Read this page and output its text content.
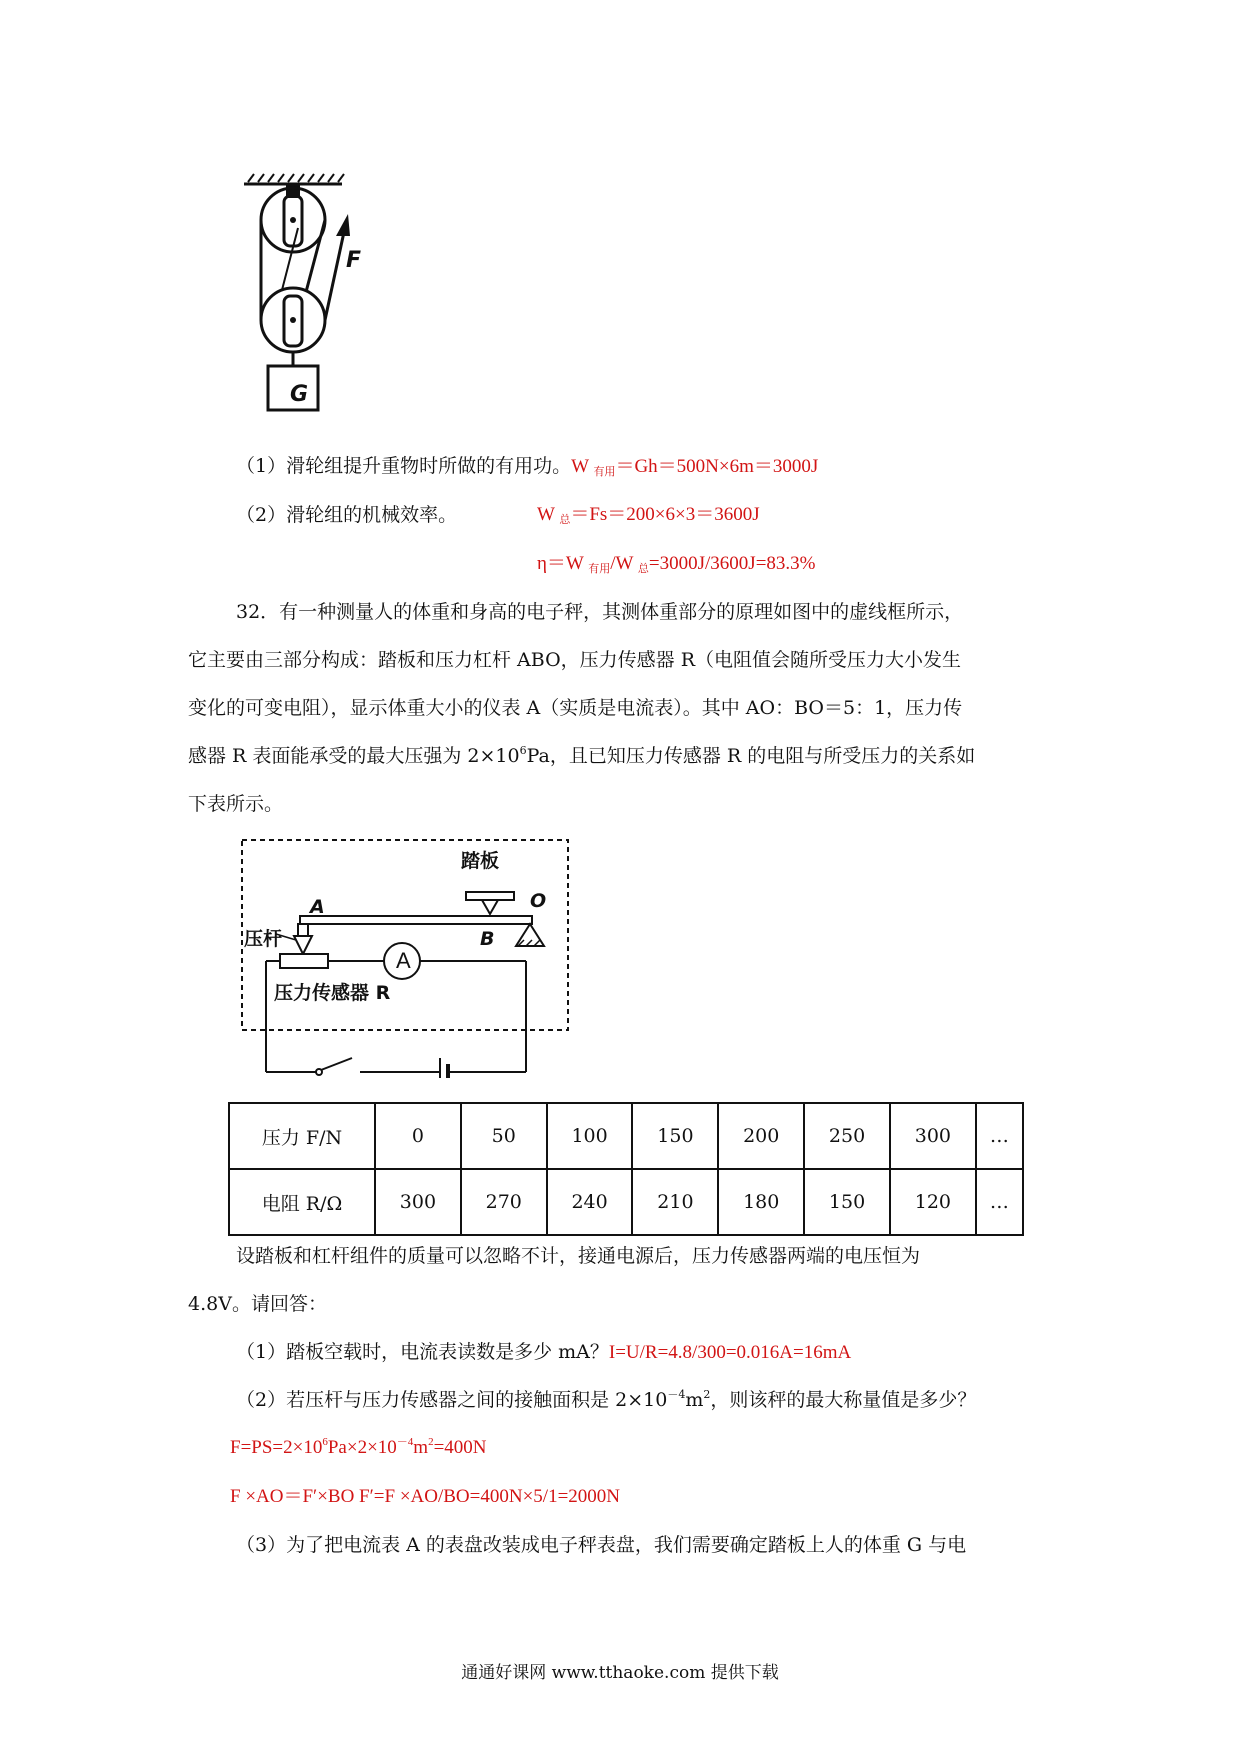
F
G
（1）滑轮组提升重物时所做的有用功。W 有用＝Gh＝500N×6m＝3000J
（2）滑轮组的机械效率。	W 总＝Fs＝200×6×3＝3600J
η＝W 有用/W 总=3000J/3600J=83.3%
32．有一种测量人的体重和身高的电子秤，其测体重部分的原理如图中的虚线框所示，
它主要由三部分构成：踏板和压力杠杆 ABO，压力传感器 R（电阻值会随所受压力大小发生
变化的可变电阻），显示体重大小的仪表 A（实质是电流表）。其中 AO：BO＝5：1，压力传
感器 R 表面能承受的最大压强为 $2\times 10^6Pa$，且已知压力传感器 R 的电阻与所受压力的关系如
下表所示。
踏板
A	O
B
压杆
A
压力传感器 R
压力 F/N	0	50	100	150	200	250	300	…
电阻 R/Ω	300	270	240	210	180	150	120	…
设踏板和杠杆组件的质量可以忽略不计，接通电源后，压力传感器两端的电压恒为
4.8V。请回答：
（1）踏板空载时，电流表读数是多少 mA？I=U/R=4.8/300=0.016A=16mA
（2）若压杆与压力传感器之间的接触面积是 $2\times 10^{-4}m^2$，则该秤的最大称量值是多少？
$F=PS=2\times 10^6Pa\times 2\times 10^{-4}m^2=400N$
F ×AO＝F′×BO F′=F ×AO/BO=400N×5/1=2000N
（3）为了把电流表 A 的表盘改装成电子秤表盘，我们需要确定踏板上人的体重 G 与电
通通好课网 www.tthaoke.com 提供下载
